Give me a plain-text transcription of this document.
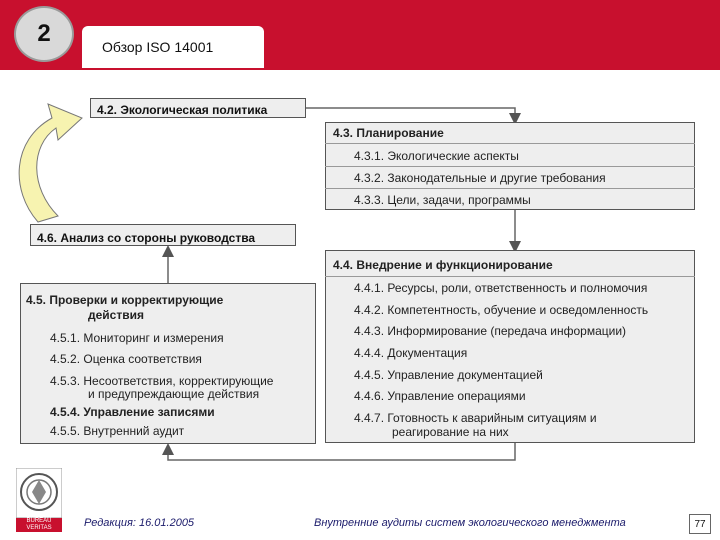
2	Обзор ISO 14001
4.2. Экологическая политика
4.3. Планирование
4.3.1. Экологические аспекты
4.3.2. Законодательные и другие требования
4.3.3. Цели, задачи, программы
4.6. Анализ со стороны руководства
4.4. Внедрение и функционирование
4.4.1. Ресурсы, роли, ответственность и полномочия
4.4.2. Компетентность, обучение и осведомленность
4.4.3. Информирование (передача информации)
4.4.4. Документация
4.4.5. Управление документацией
4.4.6. Управление операциями
4.4.7. Готовность к аварийным ситуациям и
реагирование на них
4.5. Проверки и корректирующие
действия
4.5.1. Мониторинг и измерения
4.5.2. Оценка соответствия
4.5.3. Несоответствия, корректирующие
и предупреждающие действия
4.5.4. Управление записями
4.5.5. Внутренний аудит
BUREAU
VERITAS	Редакция: 16.01.2005	Внутренние аудиты систем экологического менеджмента	77
